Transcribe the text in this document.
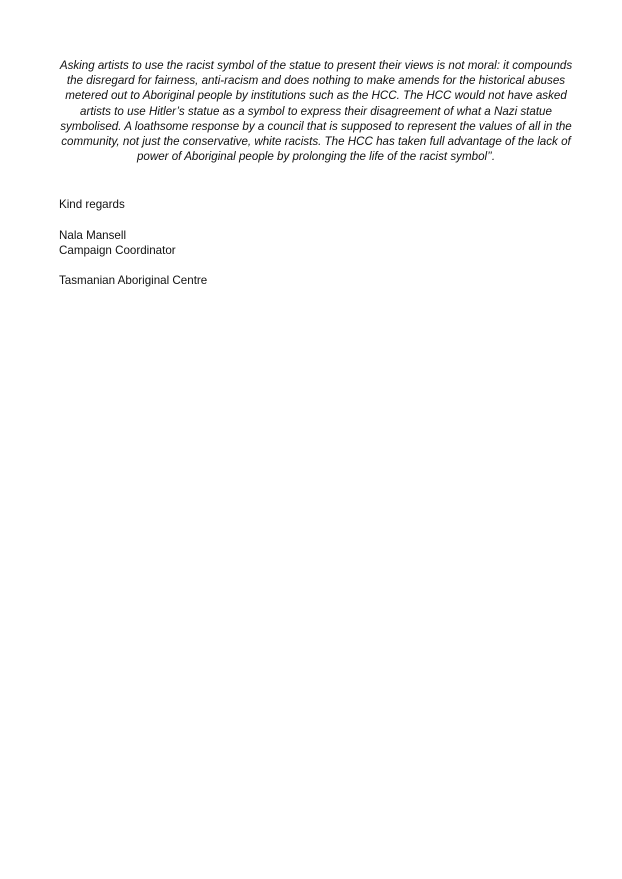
Asking artists to use the racist symbol of the statue to present their views is not moral: it compounds
the disregard for fairness, anti-racism and does nothing to make amends for the historical abuses
metered out to Aboriginal people by institutions such as the HCC. The HCC would not have asked
artists to use Hitler’s statue as a symbol to express their disagreement of what a Nazi statue
symbolised. A loathsome response by a council that is supposed to represent the values of all in the
community, not just the conservative, white racists. The HCC has taken full advantage of the lack of
power of Aboriginal people by prolonging the life of the racist symbol’’.
Kind regards
Nala Mansell
Campaign Coordinator
Tasmanian Aboriginal Centre
